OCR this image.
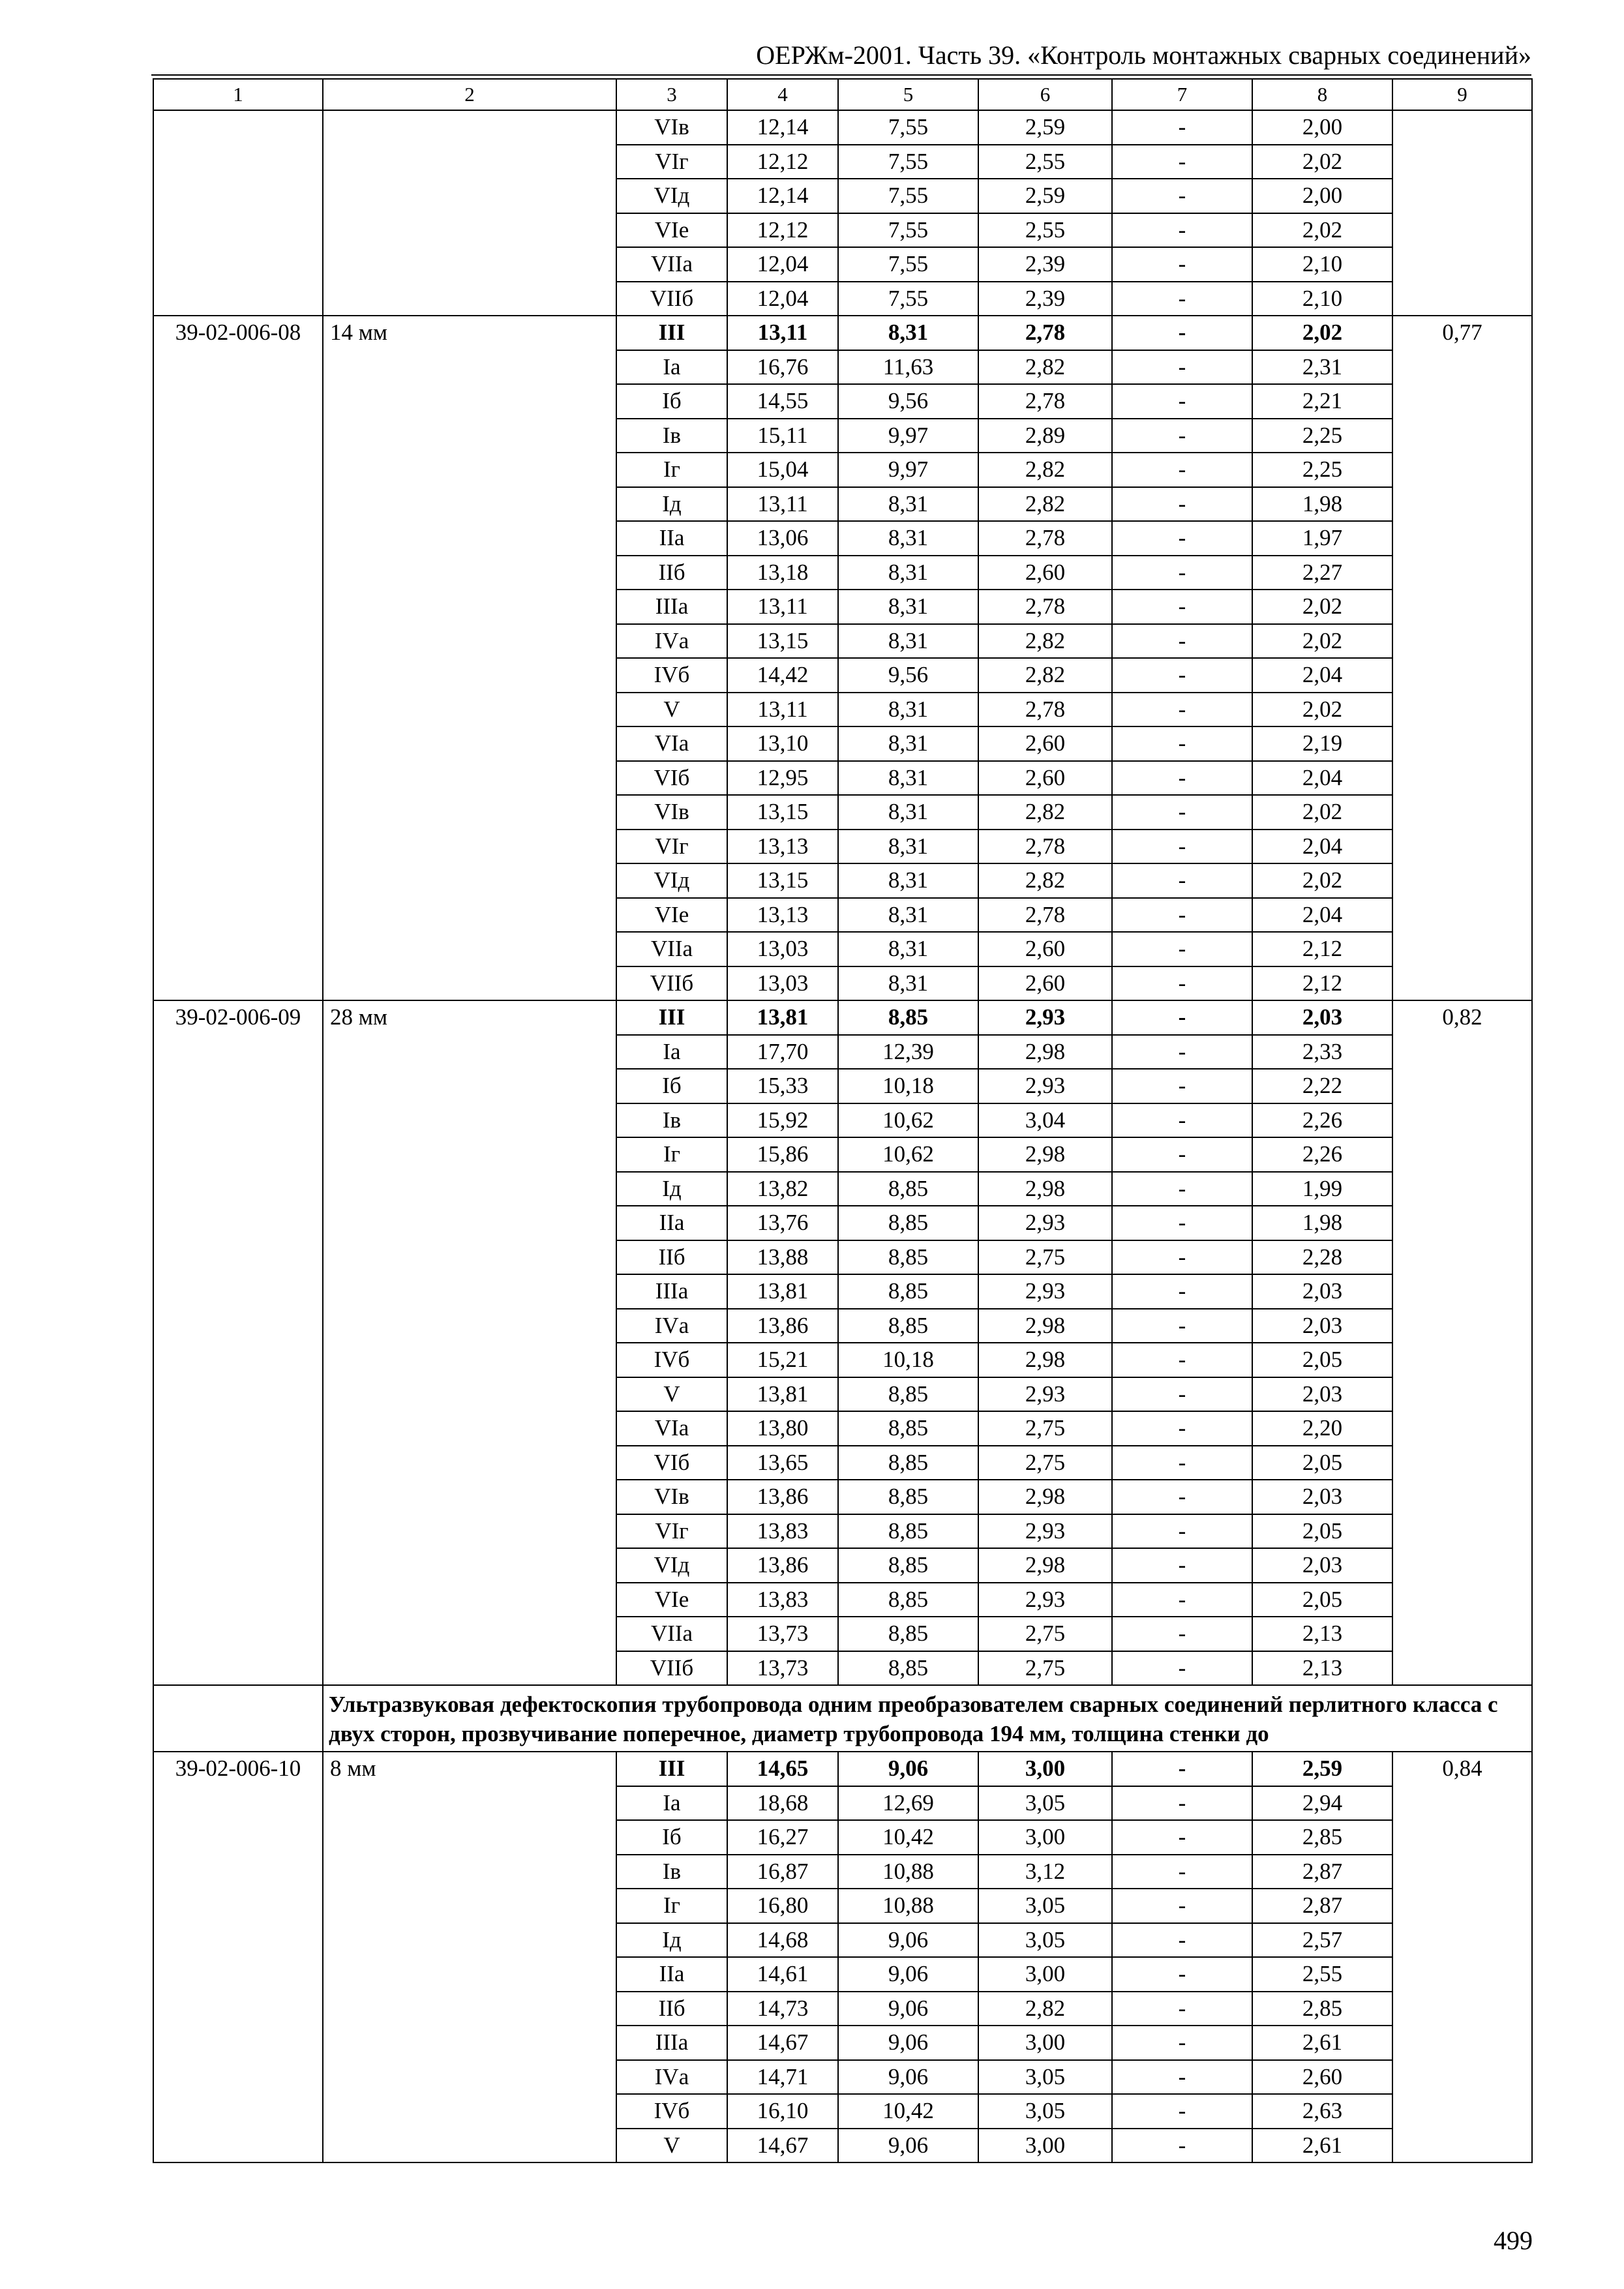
ОЕРЖм-2001. Часть 39. «Контроль монтажных сварных соединений»
1	2	3	4	5	6	7	8	9
		VIв	12,14	7,55	2,59	-	2,00	
		VIг	12,12	7,55	2,55	-	2,02	
		VIд	12,14	7,55	2,59	-	2,00	
		VIе	12,12	7,55	2,55	-	2,02	
		VIIа	12,04	7,55	2,39	-	2,10	
		VIIб	12,04	7,55	2,39	-	2,10	
39-02-006-08	14 мм	III	13,11	8,31	2,78	-	2,02	0,77
		Iа	16,76	11,63	2,82	-	2,31	
		Iб	14,55	9,56	2,78	-	2,21	
		Iв	15,11	9,97	2,89	-	2,25	
		Iг	15,04	9,97	2,82	-	2,25	
		Iд	13,11	8,31	2,82	-	1,98	
		IIа	13,06	8,31	2,78	-	1,97	
		IIб	13,18	8,31	2,60	-	2,27	
		IIIа	13,11	8,31	2,78	-	2,02	
		IVа	13,15	8,31	2,82	-	2,02	
		IVб	14,42	9,56	2,82	-	2,04	
		V	13,11	8,31	2,78	-	2,02	
		VIа	13,10	8,31	2,60	-	2,19	
		VIб	12,95	8,31	2,60	-	2,04	
		VIв	13,15	8,31	2,82	-	2,02	
		VIг	13,13	8,31	2,78	-	2,04	
		VIд	13,15	8,31	2,82	-	2,02	
		VIе	13,13	8,31	2,78	-	2,04	
		VIIа	13,03	8,31	2,60	-	2,12	
		VIIб	13,03	8,31	2,60	-	2,12	
39-02-006-09	28 мм	III	13,81	8,85	2,93	-	2,03	0,82
		Iа	17,70	12,39	2,98	-	2,33	
		Iб	15,33	10,18	2,93	-	2,22	
		Iв	15,92	10,62	3,04	-	2,26	
		Iг	15,86	10,62	2,98	-	2,26	
		Iд	13,82	8,85	2,98	-	1,99	
		IIа	13,76	8,85	2,93	-	1,98	
		IIб	13,88	8,85	2,75	-	2,28	
		IIIа	13,81	8,85	2,93	-	2,03	
		IVа	13,86	8,85	2,98	-	2,03	
		IVб	15,21	10,18	2,98	-	2,05	
		V	13,81	8,85	2,93	-	2,03	
		VIа	13,80	8,85	2,75	-	2,20	
		VIб	13,65	8,85	2,75	-	2,05	
		VIв	13,86	8,85	2,98	-	2,03	
		VIг	13,83	8,85	2,93	-	2,05	
		VIд	13,86	8,85	2,98	-	2,03	
		VIе	13,83	8,85	2,93	-	2,05	
		VIIа	13,73	8,85	2,75	-	2,13	
		VIIб	13,73	8,85	2,75	-	2,13	
	Ультразвуковая дефектоскопия трубопровода одним преобразователем сварных соединений перлитного класса с двух сторон, прозвучивание поперечное, диаметр трубопровода 194 мм, толщина стенки до							
39-02-006-10	8 мм	III	14,65	9,06	3,00	-	2,59	0,84
		Iа	18,68	12,69	3,05	-	2,94	
		Iб	16,27	10,42	3,00	-	2,85	
		Iв	16,87	10,88	3,12	-	2,87	
		Iг	16,80	10,88	3,05	-	2,87	
		Iд	14,68	9,06	3,05	-	2,57	
		IIа	14,61	9,06	3,00	-	2,55	
		IIб	14,73	9,06	2,82	-	2,85	
		IIIа	14,67	9,06	3,00	-	2,61	
		IVа	14,71	9,06	3,05	-	2,60	
		IVб	16,10	10,42	3,05	-	2,63	
		V	14,67	9,06	3,00	-	2,61	
499
